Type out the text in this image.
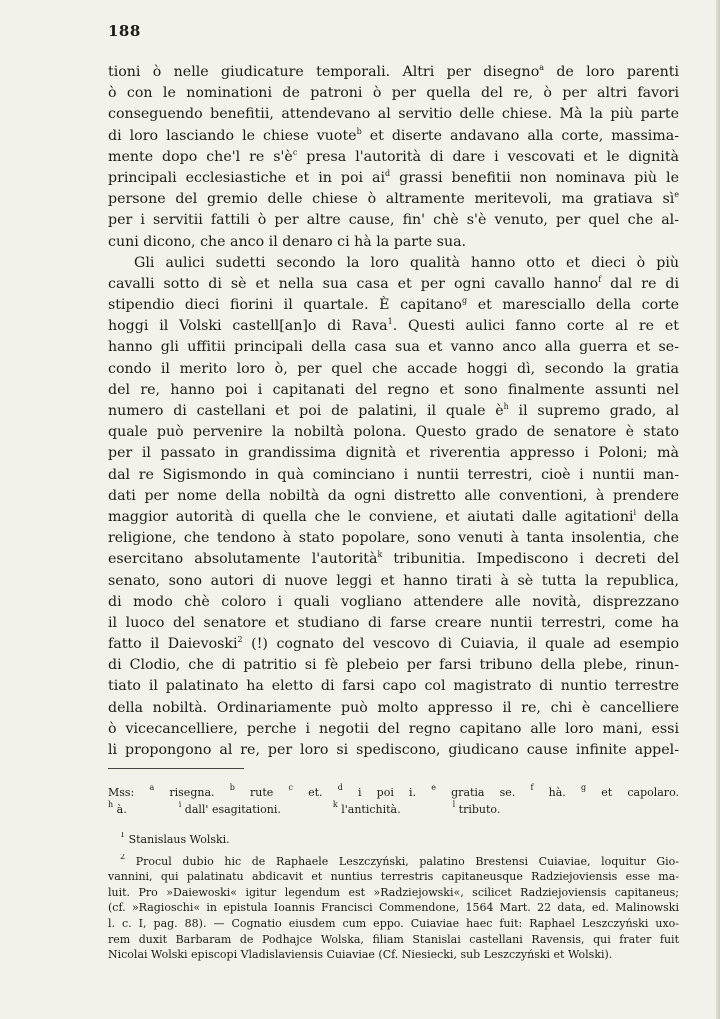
188
tioni ò nelle giudicature temporali. Altri per disegno$^a$ de loro parenti
ò con le nominationi de patroni ò per quella del re, ò per altri favori
conseguendo benefitii, attendevano al servitio delle chiese. Mà la più parte
di loro lasciando le chiese vuote$^b$ et diserte andavano alla corte, massima-
mente dopo che'l re $s'è^c$ presa l'autorità di dare i vescovati et le dignità
principali ecclesiastiche et in poi $ai^d$ grassi benefitii non nominava più le
persone del gremio delle chiese ò altramente meritevoli, ma gratiava $sì^e$
per i servitii fattili ò per altre cause, fin' chè s'è venuto, per quel che al-
cuni dicono, che anco il denaro ci hà la parte sua.
Gli aulici sudetti secondo la loro qualità hanno otto et dieci ò più
cavalli sotto di sè et nella sua casa et per ogni cavallo hanno$^f$ dal re di
stipendio dieci fiorini il quartale. È capitano$^g$ et maresciallo della corte
hoggi il Volski castell[an]o di Rava$^1$. Questi aulici fanno corte al re et
hanno gli uffitii principali della casa sua et vanno anco alla guerra et se-
condo il merito loro ò, per quel che accade hoggi dì, secondo la gratia
del re, hanno poi i capitanati del regno et sono finalmente assunti nel
numero di castellani et poi de palatini, il quale $è^h$ il supremo grado, al
quale può pervenire la nobiltà polona. Questo grado de senatore è stato
per il passato in grandissima dignità et riverentia appresso i Poloni; mà
dal re Sigismondo in quà cominciano i nuntii terrestri, cioè i nuntii man-
dati per nome della nobiltà da ogni distretto alle conventioni, à prendere
maggior autorità di quella che le conviene, et aiutati dalle agitationi$^i$ della
religione, che tendono à stato popolare, sono venuti à tanta insolentia, che
esercitano absolutamente l'autorità$^k$ tribunitia. Impediscono i decreti del
senato, sono autori di nuove leggi et hanno tirati à sè tutta la republica,
di modo chè coloro i quali vogliano attendere alle novità, disprezzano
il luoco del senatore et studiano di farse creare nuntii terrestri, come ha
fatto il Daievoski$^2$ (!) cognato del vescovo di Cuiavia, il quale ad esempio
di Clodio, che di patritio si fè plebeio per farsi tribuno della plebe, rinun-
tiato il palatinato ha eletto di farsi capo col magistrato di nuntio terrestre
della nobiltà. Ordinariamente può molto appresso il re, chi è cancelliere
ò vicecancelliere, perche i negotii del regno capitano alle loro mani, essi
li propongono al re, per loro si spediscono, giudicano cause infinite appel-
Mss: $^a$ risegna. $^b$ rute $^c$ et. $^d$ i poi i. $^e$ gratia se. $^f$ hà. $^g$ et capolaro.
$^h$ à.	$^i$ dall' esagitationi.	$^k$ l'antichità.	$^l$ tributo.
$^1$ Stanislaus Wolski.
$^2$ Procul dubio hic de Raphaele Leszczyński, palatino Brestensi Cuiaviae, loquitur Gio-
vannini, qui palatinatu abdicavit et nuntius terrestris capitaneusque Radziejoviensis esse ma-
luit. Pro »Daiewoski« igitur legendum est »Radziejowski«, scilicet Radziejoviensis capitaneus;
(cf. »Ragioschi« in epistula Ioannis Francisci Commendone, 1564 Mart. 22 data, ed. Malinowski
l. c. I, pag. 88). — Cognatio eiusdem cum eppo. Cuiaviae haec fuit: Raphael Leszczyński uxo-
rem duxit Barbaram de Podhajce Wolska, filiam Stanislai castellani Ravensis, qui frater fuit
Nicolai Wolski episcopi Vladislaviensis Cuiaviae (Cf. Niesiecki, sub Leszczyński et Wolski).
